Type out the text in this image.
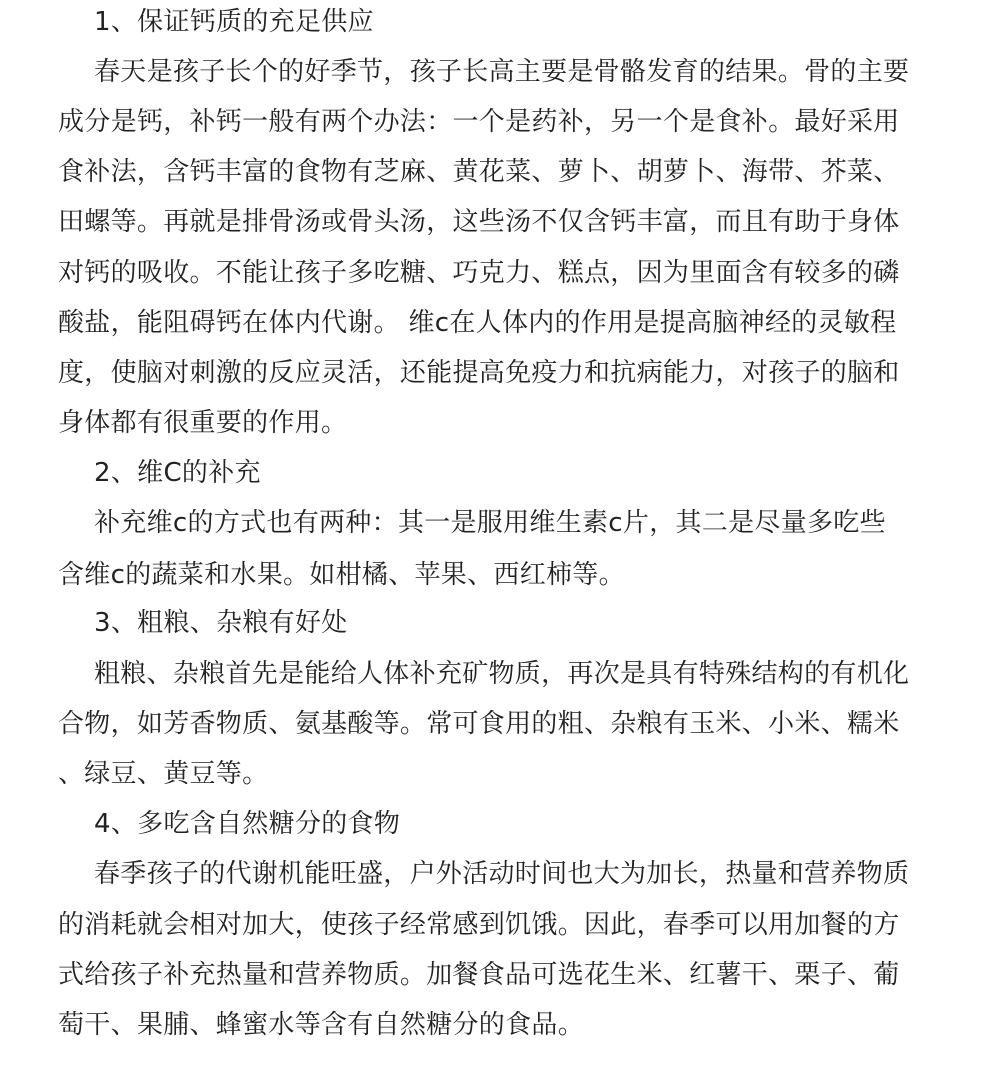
1、保证钙质的充足供应

春天是孩子长个的好季节，孩子长高主要是骨骼发育的结果。骨的主要

成分是钙，补钙一般有两个办法：一个是药补，另一个是食补。最好采用

食补法，含钙丰富的食物有芝麻、黄花菜、萝卜、胡萝卜、海带、芥菜、

田螺等。再就是排骨汤或骨头汤，这些汤不仅含钙丰富，而且有助于身体

对钙的吸收。不能让孩子多吃糖、巧克力、糕点，因为里面含有较多的磷

酸盐，能阻碍钙在体内代谢。 维c在人体内的作用是提高脑神经的灵敏程

度，使脑对刺激的反应灵活，还能提高免疫力和抗病能力，对孩子的脑和

身体都有很重要的作用。

2、维C的补充

补充维c的方式也有两种：其一是服用维生素c片，其二是尽量多吃些

含维c的蔬菜和水果。如柑橘、苹果、西红柿等。

3、粗粮、杂粮有好处

粗粮、杂粮首先是能给人体补充矿物质，再次是具有特殊结构的有机化

合物，如芳香物质、氨基酸等。常可食用的粗、杂粮有玉米、小米、糯米

、绿豆、黄豆等。

4、多吃含自然糖分的食物

春季孩子的代谢机能旺盛，户外活动时间也大为加长，热量和营养物质

的消耗就会相对加大，使孩子经常感到饥饿。因此，春季可以用加餐的方

式给孩子补充热量和营养物质。加餐食品可选花生米、红薯干、栗子、葡

萄干、果脯、蜂蜜水等含有自然糖分的食品。
